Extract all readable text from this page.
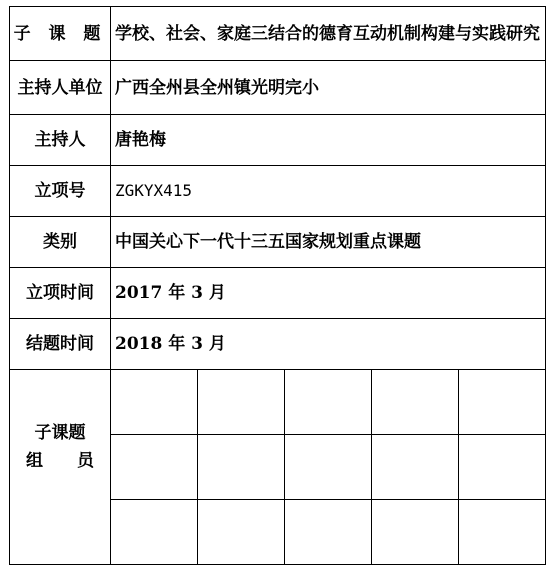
子 课 题	学校、社会、家庭三结合的德育互动机制构建与实践研究
主持人单位	广西全州县全州镇光明完小
主持人	唐艳梅
立项号	ZGKYX415
类别	中国关心下一代十三五国家规划重点课题
立项时间	2017 年 3 月
结题时间	2018 年 3 月

子课题
组 员
